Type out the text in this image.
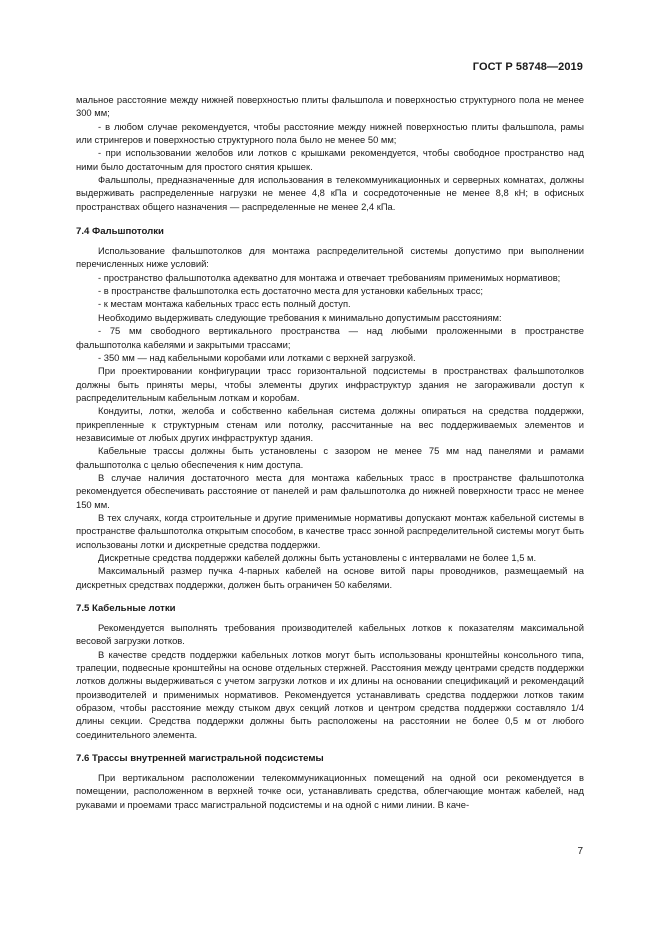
ГОСТ Р 58748—2019

мальное расстояние между нижней поверхностью плиты фальшпола и поверхностью структурного пола не менее 300 мм;

- в любом случае рекомендуется, чтобы расстояние между нижней поверхностью плиты фальшпола, рамы или стрингеров и поверхностью структурного пола было не менее 50 мм;

- при использовании желобов или лотков с крышками рекомендуется, чтобы свободное пространство над ними было достаточным для простого снятия крышек.

Фальшполы, предназначенные для использования в телекоммуникационных и серверных комнатах, должны выдерживать распределенные нагрузки не менее 4,8 кПа и сосредоточенные не менее 8,8 кН; в офисных пространствах общего назначения — распределенные не менее 2,4 кПа.

7.4 Фальшпотолки

Использование фальшпотолков для монтажа распределительной системы допустимо при выполнении перечисленных ниже условий:

- пространство фальшпотолка адекватно для монтажа и отвечает требованиям применимых нормативов;

- в пространстве фальшпотолка есть достаточно места для установки кабельных трасс;

- к местам монтажа кабельных трасс есть полный доступ.

Необходимо выдерживать следующие требования к минимально допустимым расстояниям:

- 75 мм свободного вертикального пространства — над любыми проложенными в пространстве фальшпотолка кабелями и закрытыми трассами;

- 350 мм — над кабельными коробами или лотками с верхней загрузкой.

При проектировании конфигурации трасс горизонтальной подсистемы в пространствах фальшпотолков должны быть приняты меры, чтобы элементы других инфраструктур здания не загораживали доступ к распределительным кабельным лоткам и коробам.

Кондуиты, лотки, желоба и собственно кабельная система должны опираться на средства поддержки, прикрепленные к структурным стенам или потолку, рассчитанные на вес поддерживаемых элементов и независимые от любых других инфраструктур здания.

Кабельные трассы должны быть установлены с зазором не менее 75 мм над панелями и рамами фальшпотолка с целью обеспечения к ним доступа.

В случае наличия достаточного места для монтажа кабельных трасс в пространстве фальшпотолка рекомендуется обеспечивать расстояние от панелей и рам фальшпотолка до нижней поверхности трасс не менее 150 мм.

В тех случаях, когда строительные и другие применимые нормативы допускают монтаж кабельной системы в пространстве фальшпотолка открытым способом, в качестве трасс зонной распределительной системы могут быть использованы лотки и дискретные средства поддержки.

Дискретные средства поддержки кабелей должны быть установлены с интервалами не более 1,5 м.

Максимальный размер пучка 4-парных кабелей на основе витой пары проводников, размещаемый на дискретных средствах поддержки, должен быть ограничен 50 кабелями.

7.5 Кабельные лотки

Рекомендуется выполнять требования производителей кабельных лотков к показателям максимальной весовой загрузки лотков.

В качестве средств поддержки кабельных лотков могут быть использованы кронштейны консольного типа, трапеции, подвесные кронштейны на основе отдельных стержней. Расстояния между центрами средств поддержки лотков должны выдерживаться с учетом загрузки лотков и их длины на основании спецификаций и рекомендаций производителей и применимых нормативов. Рекомендуется устанавливать средства поддержки лотков таким образом, чтобы расстояние между стыком двух секций лотков и центром средства поддержки составляло 1/4 длины секции. Средства поддержки должны быть расположены на расстоянии не более 0,5 м от любого соединительного элемента.

7.6 Трассы внутренней магистральной подсистемы

При вертикальном расположении телекоммуникационных помещений на одной оси рекомендуется в помещении, расположенном в верхней точке оси, устанавливать средства, облегчающие монтаж кабелей, над рукавами и проемами трасс магистральной подсистемы и на одной с ними линии. В каче-

7
